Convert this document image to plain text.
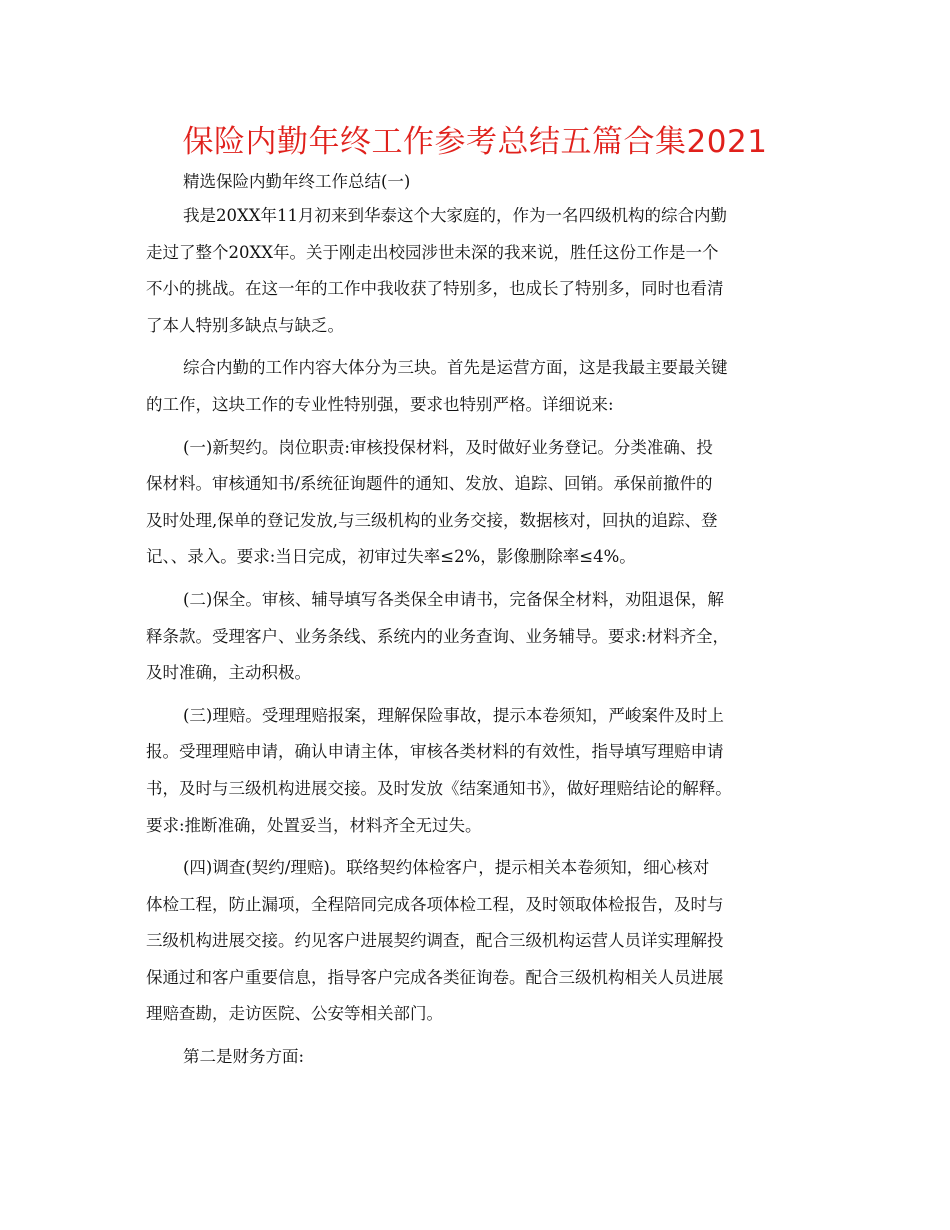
保险内勤年终工作参考总结五篇合集2021
精选保险内勤年终工作总结(一)
我是20XX年11月初来到华泰这个大家庭的，作为一名四级机构的综合内勤
走过了整个20XX年。关于刚走出校园涉世未深的我来说，胜任这份工作是一个
不小的挑战。在这一年的工作中我收获了特别多，也成长了特别多，同时也看清
了本人特别多缺点与缺乏。
综合内勤的工作内容大体分为三块。首先是运营方面，这是我最主要最关键
的工作，这块工作的专业性特别强，要求也特别严格。详细说来:
(一)新契约。岗位职责:审核投保材料，及时做好业务登记。分类准确、投
保材料。审核通知书/系统征询题件的通知、发放、追踪、回销。承保前撤件的
及时处理,保单的登记发放,与三级机构的业务交接，数据核对，回执的追踪、登
记、、录入。要求:当日完成，初审过失率≤2%，影像删除率≤4%。
(二)保全。审核、辅导填写各类保全申请书，完备保全材料，劝阻退保，解
释条款。受理客户、业务条线、系统内的业务查询、业务辅导。要求:材料齐全，
及时准确，主动积极。
(三)理赔。受理理赔报案，理解保险事故，提示本卷须知，严峻案件及时上
报。受理理赔申请，确认申请主体，审核各类材料的有效性，指导填写理赔申请
书，及时与三级机构进展交接。及时发放《结案通知书》，做好理赔结论的解释。
要求:推断准确，处置妥当，材料齐全无过失。
(四)调查(契约/理赔)。联络契约体检客户，提示相关本卷须知，细心核对
体检工程，防止漏项，全程陪同完成各项体检工程，及时领取体检报告，及时与
三级机构进展交接。约见客户进展契约调查，配合三级机构运营人员详实理解投
保通过和客户重要信息，指导客户完成各类征询卷。配合三级机构相关人员进展
理赔查勘，走访医院、公安等相关部门。
第二是财务方面:
